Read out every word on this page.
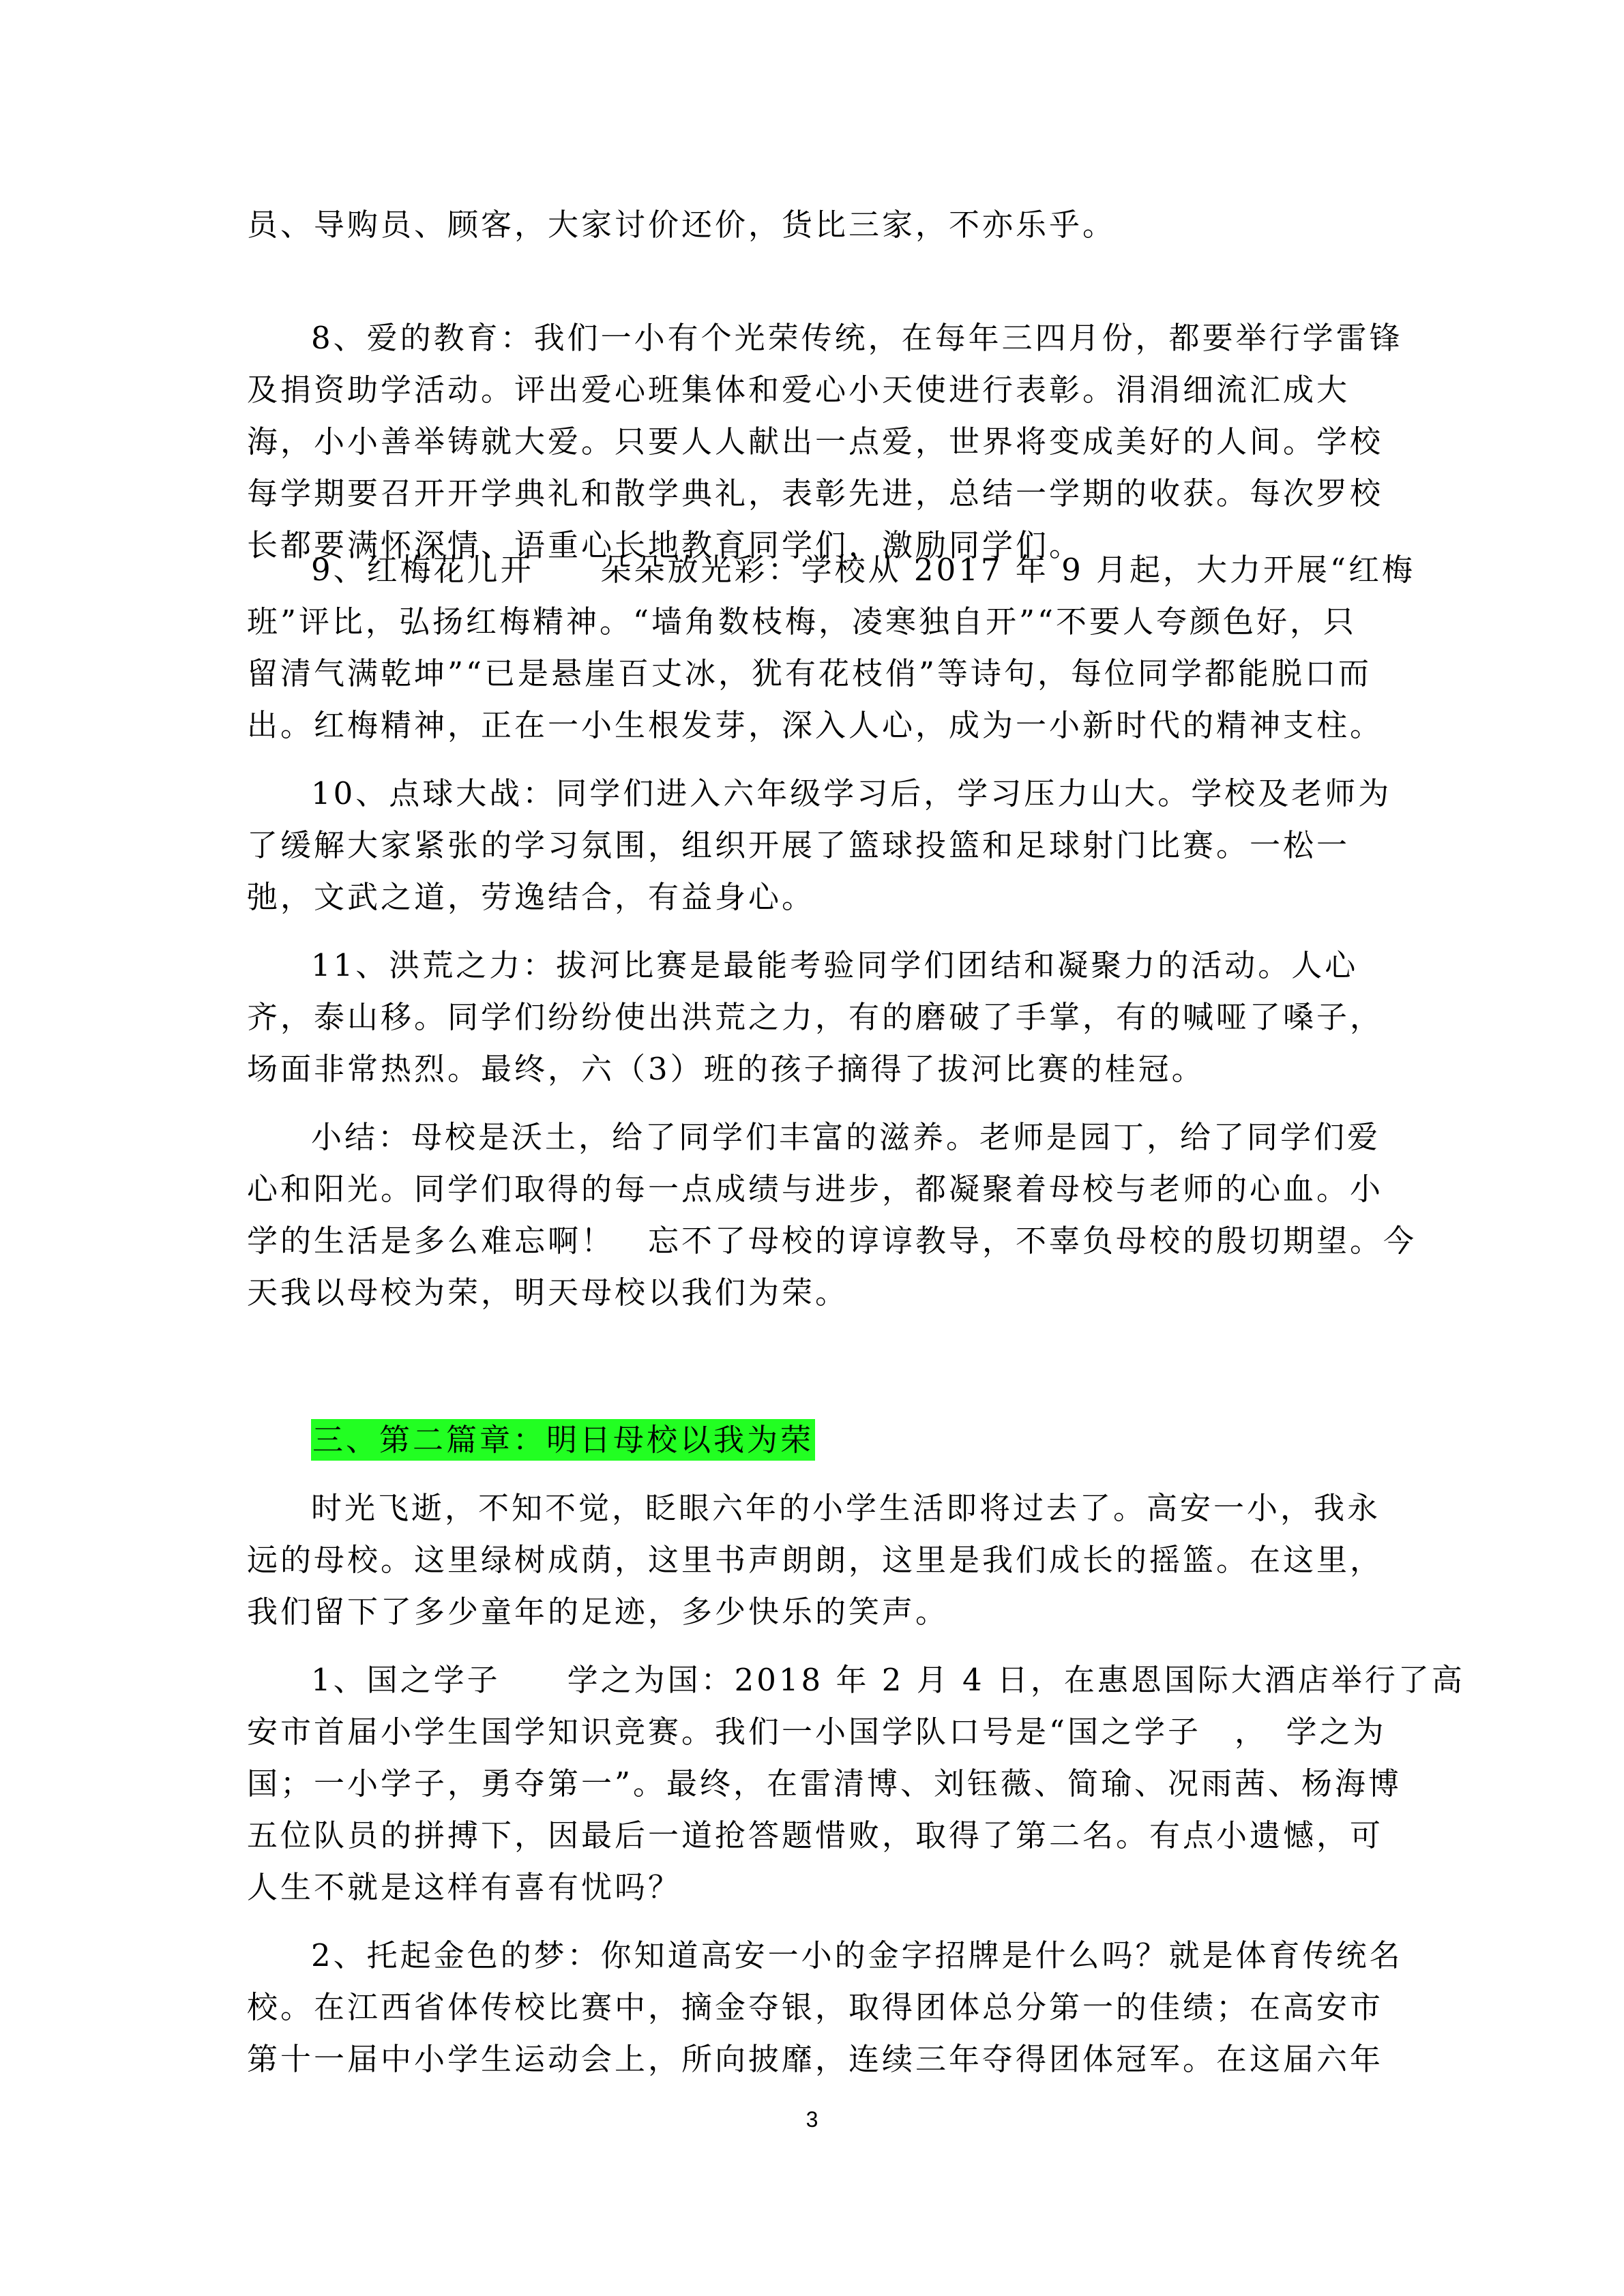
员、导购员、顾客，大家讨价还价，货比三家，不亦乐乎。
8、爱的教育：我们一小有个光荣传统，在每年三四月份，都要举行学雷锋
及捐资助学活动。评出爱心班集体和爱心小天使进行表彰。涓涓细流汇成大
海，小小善举铸就大爱。只要人人献出一点爱，世界将变成美好的人间。学校
每学期要召开开学典礼和散学典礼，表彰先进，总结一学期的收获。每次罗校
长都要满怀深情、语重心长地教育同学们，激励同学们。
9、红梅花儿开　　朵朵放光彩：学校从 2017 年 9 月起，大力开展“红梅
班”评比，弘扬红梅精神。“墙角数枝梅，凌寒独自开”“不要人夸颜色好，只
留清气满乾坤”“已是悬崖百丈冰，犹有花枝俏”等诗句，每位同学都能脱口而
出。红梅精神，正在一小生根发芽，深入人心，成为一小新时代的精神支柱。
10、点球大战：同学们进入六年级学习后，学习压力山大。学校及老师为
了缓解大家紧张的学习氛围，组织开展了篮球投篮和足球射门比赛。一松一
弛，文武之道，劳逸结合，有益身心。
11、洪荒之力：拔河比赛是最能考验同学们团结和凝聚力的活动。人心
齐，泰山移。同学们纷纷使出洪荒之力，有的磨破了手掌，有的喊哑了嗓子，
场面非常热烈。最终，六（3）班的孩子摘得了拔河比赛的桂冠。
小结：母校是沃土，给了同学们丰富的滋养。老师是园丁，给了同学们爱
心和阳光。同学们取得的每一点成绩与进步，都凝聚着母校与老师的心血。小
学的生活是多么难忘啊！　忘不了母校的谆谆教导，不辜负母校的殷切期望。今
天我以母校为荣，明天母校以我们为荣。
三、第二篇章：明日母校以我为荣
时光飞逝，不知不觉，眨眼六年的小学生活即将过去了。高安一小，我永
远的母校。这里绿树成荫，这里书声朗朗，这里是我们成长的摇篮。在这里，
我们留下了多少童年的足迹，多少快乐的笑声。
1、国之学子　　学之为国：2018 年 2 月 4 日，在惠恩国际大酒店举行了高
安市首届小学生国学知识竞赛。我们一小国学队口号是“国之学子　，　学之为
国；一小学子，勇夺第一”。最终，在雷清博、刘钰薇、简瑜、况雨茜、杨海博
五位队员的拼搏下，因最后一道抢答题惜败，取得了第二名。有点小遗憾，可
人生不就是这样有喜有忧吗？
2、托起金色的梦：你知道高安一小的金字招牌是什么吗？就是体育传统名
校。在江西省体传校比赛中，摘金夺银，取得团体总分第一的佳绩；在高安市
第十一届中小学生运动会上，所向披靡，连续三年夺得团体冠军。在这届六年
3
